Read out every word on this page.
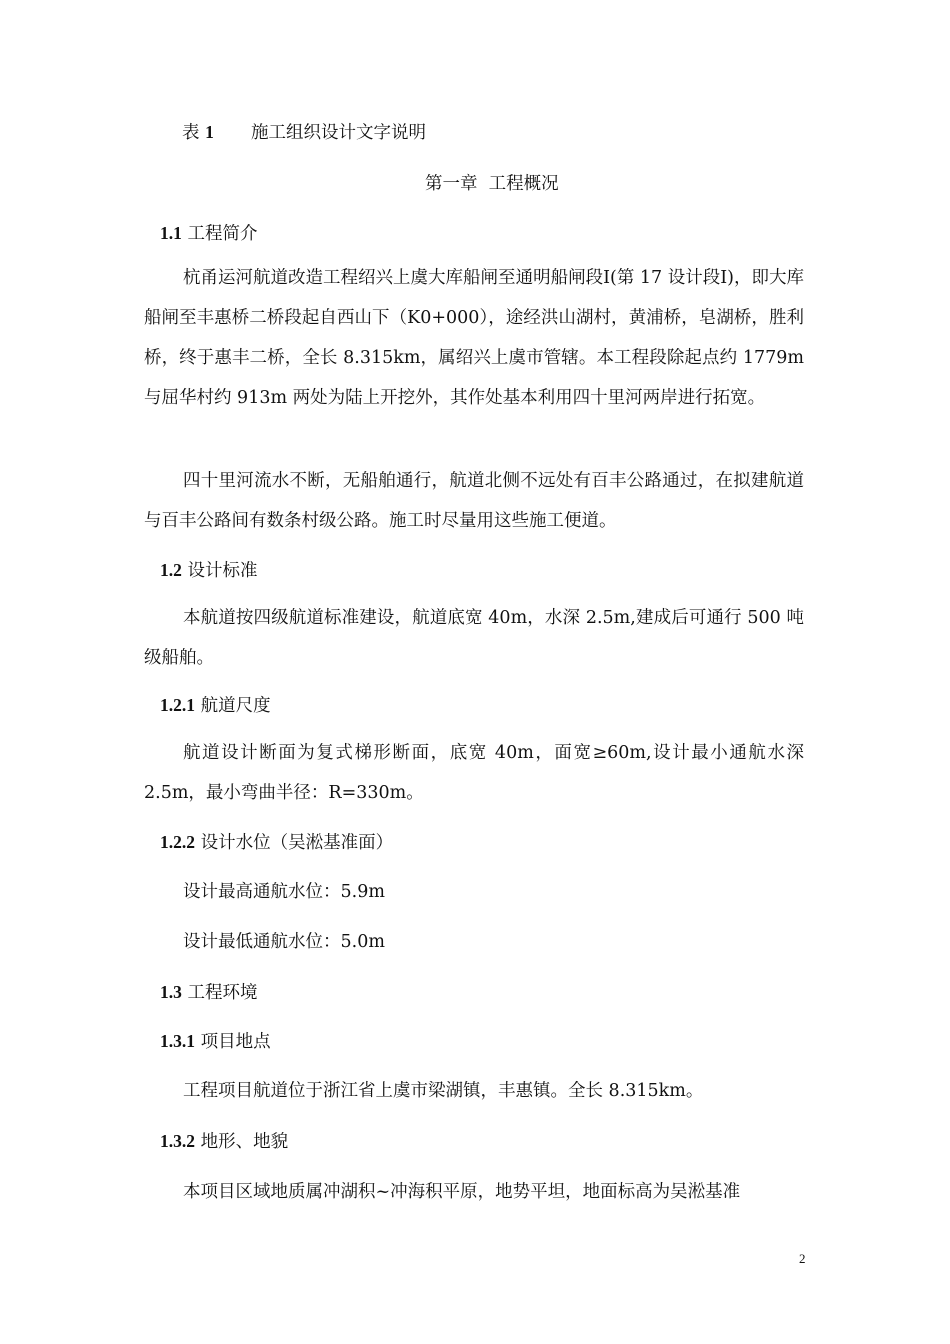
表 1 施工组织设计文字说明
第一章  工程概况
1.1 工程简介
杭甬运河航道改造工程绍兴上虞大库船闸至通明船闸段Ⅰ(第 17 设计段Ⅰ)，即大库船闸至丰惠桥二桥段起自西山下（K0+000），途经洪山湖村，黄浦桥，皂湖桥，胜利桥，终于惠丰二桥，全长 8.315km，属绍兴上虞市管辖。本工程段除起点约 1779m 与屈华村约 913m 两处为陆上开挖外，其作处基本利用四十里河两岸进行拓宽。
四十里河流水不断，无船舶通行，航道北侧不远处有百丰公路通过，在拟建航道与百丰公路间有数条村级公路。施工时尽量用这些施工便道。
1.2 设计标准
本航道按四级航道标准建设，航道底宽 40m，水深 2.5m,建成后可通行 500 吨级船舶。
1.2.1 航道尺度
航道设计断面为复式梯形断面，底宽 40m，面宽≥60m,设计最小通航水深 2.5m，最小弯曲半径：R=330m。
1.2.2 设计水位（吴淞基准面）
设计最高通航水位：5.9m
设计最低通航水位：5.0m
1.3 工程环境
1.3.1 项目地点
工程项目航道位于浙江省上虞市梁湖镇，丰惠镇。全长 8.315km。
1.3.2 地形、地貌
本项目区域地质属冲湖积~冲海积平原，地势平坦，地面标高为吴淞基准
2
